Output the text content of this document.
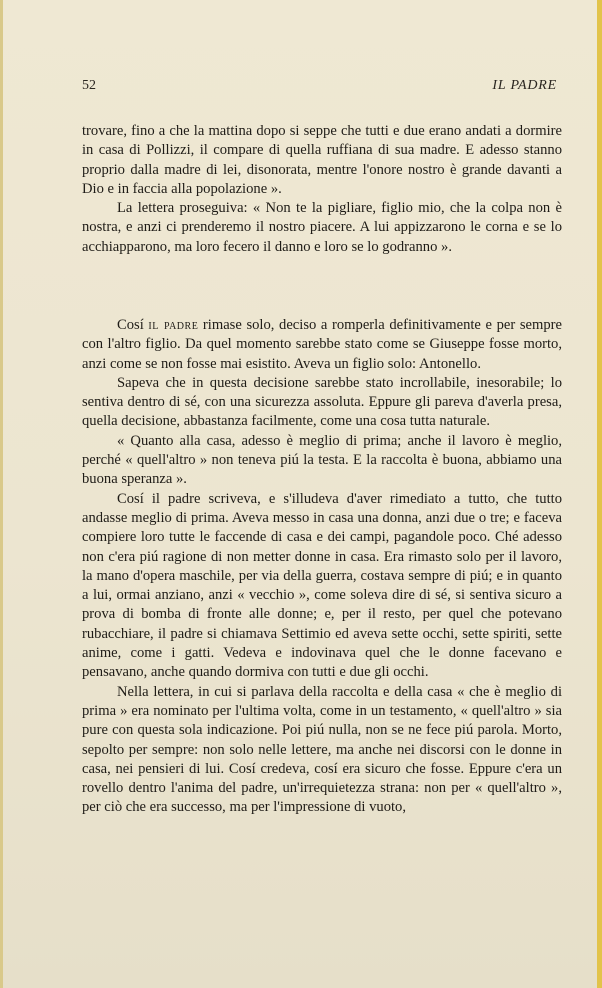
52	IL PADRE

trovare, fino a che la mattina dopo si seppe che tutti e due erano andati a dormire in casa di Pollizzi, il compare di quella ruffiana di sua madre. E adesso stanno proprio dalla madre di lei, disonorata, mentre l'onore nostro è grande davanti a Dio e in faccia alla popolazione ».

La lettera proseguiva: « Non te la pigliare, figlio mio, che la colpa non è nostra, e anzi ci prenderemo il nostro piacere. A lui appizzarono le corna e se lo acchiapparono, ma loro fecero il danno e loro se lo godranno ».

Cosí il padre rimase solo, deciso a romperla definitivamente e per sempre con l'altro figlio. Da quel momento sarebbe stato come se Giuseppe fosse morto, anzi come se non fosse mai esistito. Aveva un figlio solo: Antonello.

Sapeva che in questa decisione sarebbe stato incrollabile, inesorabile; lo sentiva dentro di sé, con una sicurezza assoluta. Eppure gli pareva d'averla presa, quella decisione, abbastanza facilmente, come una cosa tutta naturale.

« Quanto alla casa, adesso è meglio di prima; anche il lavoro è meglio, perché « quell'altro » non teneva piú la testa. E la raccolta è buona, abbiamo una buona speranza ».

Cosí il padre scriveva, e s'illudeva d'aver rimediato a tutto, che tutto andasse meglio di prima. Aveva messo in casa una donna, anzi due o tre; e faceva compiere loro tutte le faccende di casa e dei campi, pagandole poco. Ché adesso non c'era piú ragione di non metter donne in casa. Era rimasto solo per il lavoro, la mano d'opera maschile, per via della guerra, costava sempre di piú; e in quanto a lui, ormai anziano, anzi « vecchio », come soleva dire di sé, si sentiva sicuro a prova di bomba di fronte alle donne; e, per il resto, per quel che potevano rubacchiare, il padre si chiamava Settimio ed aveva sette occhi, sette spiriti, sette anime, come i gatti. Vedeva e indovinava quel che le donne facevano e pensavano, anche quando dormiva con tutti e due gli occhi.

Nella lettera, in cui si parlava della raccolta e della casa « che è meglio di prima » era nominato per l'ultima volta, come in un testamento, « quell'altro » sia pure con questa sola indicazione. Poi piú nulla, non se ne fece piú parola. Morto, sepolto per sempre: non solo nelle lettere, ma anche nei discorsi con le donne in casa, nei pensieri di lui. Cosí credeva, cosí era sicuro che fosse. Eppure c'era un rovello dentro l'anima del padre, un'irrequietezza strana: non per « quell'altro », per ciò che era successo, ma per l'impressione di vuoto,
